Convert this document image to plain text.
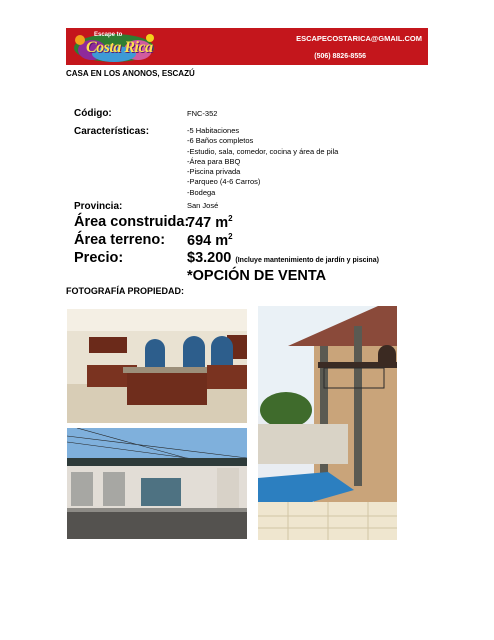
Escape to
Costa Rica
ESCAPECOSTARICA@GMAIL.COM
(506) 8826-8556
CASA EN LOS ANONOS, ESCAZÚ
Código:	FNC-352
Características:	-5 Habitaciones
-6 Baños completos
-Estudio, sala, comedor, cocina y área de pila
-Área para BBQ
-Piscina privada
-Parqueo (4-6 Carros)
-Bodega
Provincia:	San José
Área construida:
747 $m^2$
Área terreno: 694 $m^2$
Precio:	$3.200 (Incluye mantenimiento de jardín y piscina)
*OPCIÓN DE VENTA
FOTOGRAFÍA PROPIEDAD:
